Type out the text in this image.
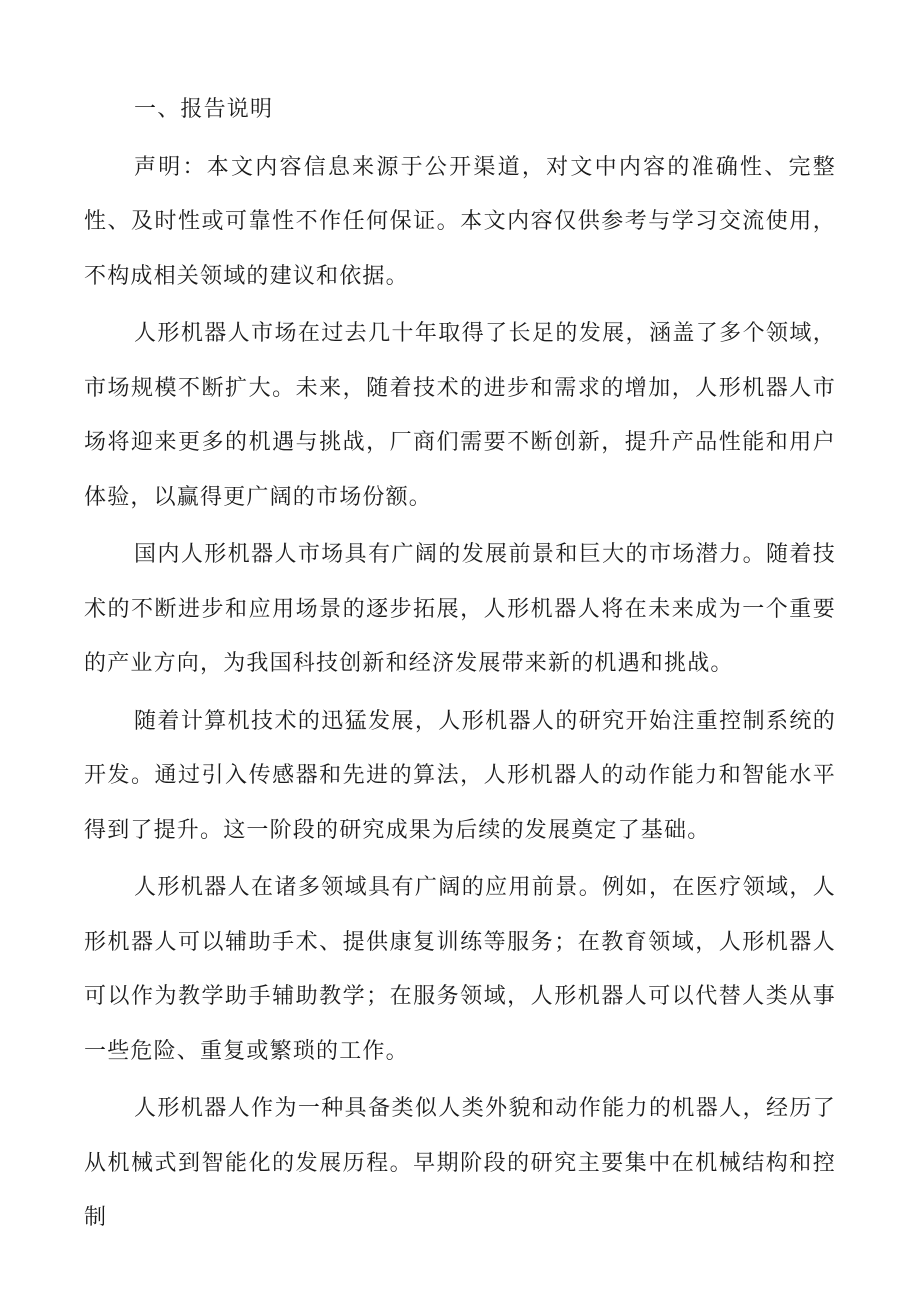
一、报告说明

声明：本文内容信息来源于公开渠道，对文中内容的准确性、完整性、及时性或可靠性不作任何保证。本文内容仅供参考与学习交流使用，不构成相关领域的建议和依据。

人形机器人市场在过去几十年取得了长足的发展，涵盖了多个领域，市场规模不断扩大。未来，随着技术的进步和需求的增加，人形机器人市场将迎来更多的机遇与挑战，厂商们需要不断创新，提升产品性能和用户体验，以赢得更广阔的市场份额。

国内人形机器人市场具有广阔的发展前景和巨大的市场潜力。随着技术的不断进步和应用场景的逐步拓展，人形机器人将在未来成为一个重要的产业方向，为我国科技创新和经济发展带来新的机遇和挑战。

随着计算机技术的迅猛发展，人形机器人的研究开始注重控制系统的开发。通过引入传感器和先进的算法，人形机器人的动作能力和智能水平得到了提升。这一阶段的研究成果为后续的发展奠定了基础。

人形机器人在诸多领域具有广阔的应用前景。例如，在医疗领域，人形机器人可以辅助手术、提供康复训练等服务；在教育领域，人形机器人可以作为教学助手辅助教学；在服务领域，人形机器人可以代替人类从事一些危险、重复或繁琐的工作。

人形机器人作为一种具备类似人类外貌和动作能力的机器人，经历了从机械式到智能化的发展历程。早期阶段的研究主要集中在机械结构和控制
